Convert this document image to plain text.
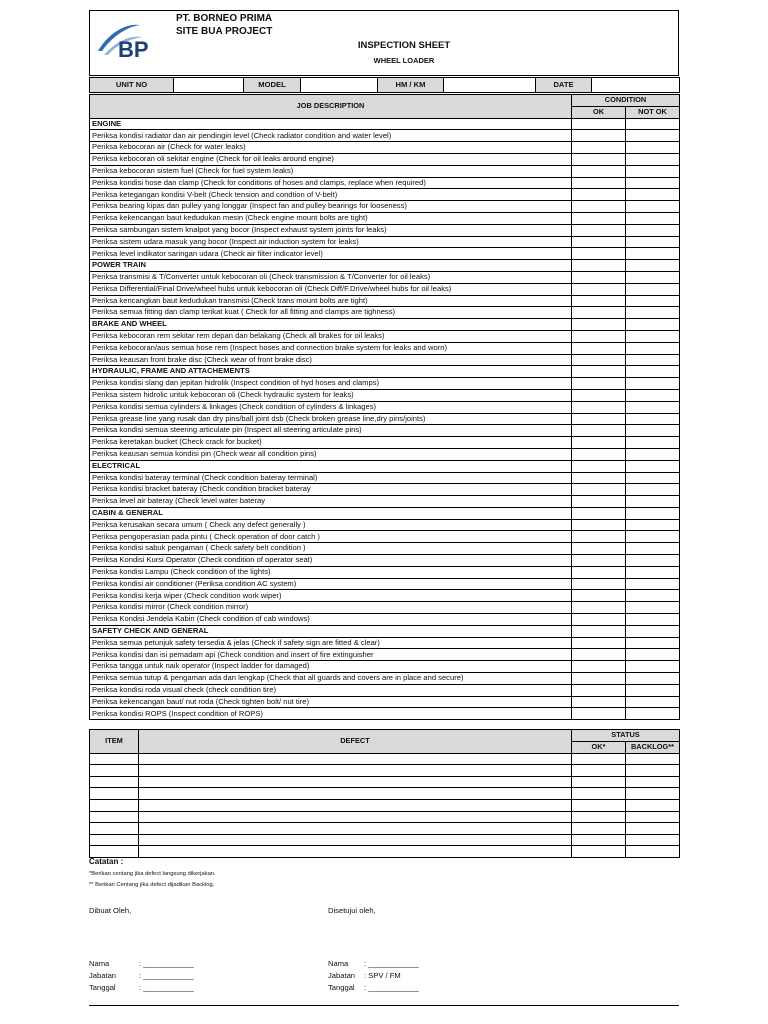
BP
PT. BORNEO PRIMA
SITE BUA PROJECT
INSPECTION SHEET
WHEEL LOADER
UNIT NO		MODEL		HM / KM		DATE	
JOB DESCRIPTION	CONDITION	
	OK	NOT OK
ENGINE		
Periksa kondisi radiator dan air pendingin level (Check radiator condition and water level)		
Periksa kebocoran air (Check for water leaks)		
Periksa kebocoran oli sekitar engine (Check for oil leaks around engine)		
Periksa kebocoran sistem fuel (Check for fuel system leaks)		
Periksa kondisi hose dan clamp (Check for conditions of hoses and clamps, replace when required)		
Periksa ketegangan kondisi V-belt (Check tension and condtion of V-belt)		
Periksa bearing kipas dan pulley yang longgar (Inspect fan and pulley bearings for looseness)		
Periksa kekencangan baut kedudukan mesin (Check engine mount bolts are tight)		
Periksa sambungan sistem knalpot yang bocor (Inspect exhaust system joints for leaks)		
Periksa sistem udara masuk yang bocor (Inspect air induction system for leaks)		
Periksa level indikator saringan udara (Check air filter indicator level)		
POWER TRAIN		
Periksa transmisi & T/Converter untuk kebocoran oli (Check transmission & T/Converter for oil leaks)		
Periksa Differential/Final Drive/wheel hubs untuk kebocoran oli (Check Diff/F.Drive/wheel hubs for oil leaks)		
Periksa kencangkan baut kedudukan transmisi (Check trans mount bolts are tight)		
Periksa semua fitting dan clamp terikat kuat ( Check for all fitting and clamps are tighness)		
BRAKE AND WHEEL		
Periksa kebocoran rem sekitar rem depan dan belakang (Check all brakes for oil leaks)		
Periksa kebocoran/aus semua hose rem (Inspect hoses and connection brake system for leaks and worn)		
Periksa keausan front brake disc (Check wear of front brake disc)		
HYDRAULIC, FRAME AND ATTACHEMENTS		
Periksa kondisi slang dan jepitan hidrolik (Inspect condition of hyd hoses and clamps)		
Periksa sistem hidrolic untuk kebocoran oli (Check hydraulic system for leaks)		
Periksa kondisi semua cylinders & linkages (Check condition of cylinders & linkages)		
Periksa grease line yang rusak dan dry pins/ball joint dsb (Check broken grease line,dry pins/joints)		
Periksa kondisi semua steering articulate pin (Inspect all steering articulate pins)		
Periksa keretakan bucket (Check crack for bucket)		
Periksa keausan semua kondisi pin (Check wear all condition pins)		
ELECTRICAL		
Periksa kondisi bateray terminal (Check condition bateray terminal)		
Periksa kondisi bracket bateray (Check condition bracket bateray		
Periksa level air bateray (Check level water bateray		
CABIN & GENERAL		
Periksa kerusakan secara umum ( Check any defect generally )		
Periksa pengoperasian pada pintu ( Check operation of door catch )		
Periksa kondisi sabuk pengaman ( Check safety belt condition )		
Periksa Kondisi Kursi Operator (Check condition of operator seat)		
Periksa kondisi Lampu (Check condition of the lights)		
Periksa kondisi air conditioner (Periksa condition AC system)		
Periksa kondisi kerja wiper (Check condition work wiper)		
Periksa kondisi mirror (Check condition mirror)		
Periksa Kondisi Jendela Kabin (Check condition of cab windows)		
SAFETY CHECK AND GENERAL		
Periksa semua petunjuk safety tersedia & jelas (Check if safety sign are fitted & clear)		
Periksa kondisi dan isi pemadam api (Check condition and insert of fire extinguisher		
Periksa tangga untuk naik operator (Inspect ladder for damaged)		
Periksa semua tutup & pengaman ada dan lengkap (Check that all guards and covers are in place and secure)		
Periksa kondisi roda visual check (check condition tire)		
Periksa kekencangan baut/ nut roda (Check tighten bolt/ nut tire)		
Periksa kondisi ROPS (Inspect condition of ROPS)		
ITEM	DEFECT	STATUS	
		OK*	BACKLOG**

Catatan :
*Berikan centang jika defect langsung dikerjakan.
** Berikan Centang jika defect dijadikan Backlog.
Dibuat Oleh,	Disetujui oleh,
Nama	: ____________
Jabatan	: ____________
Tanggal	: ____________
Nama : ____________
Jabatan : SPV / FM
Tanggal : ____________
